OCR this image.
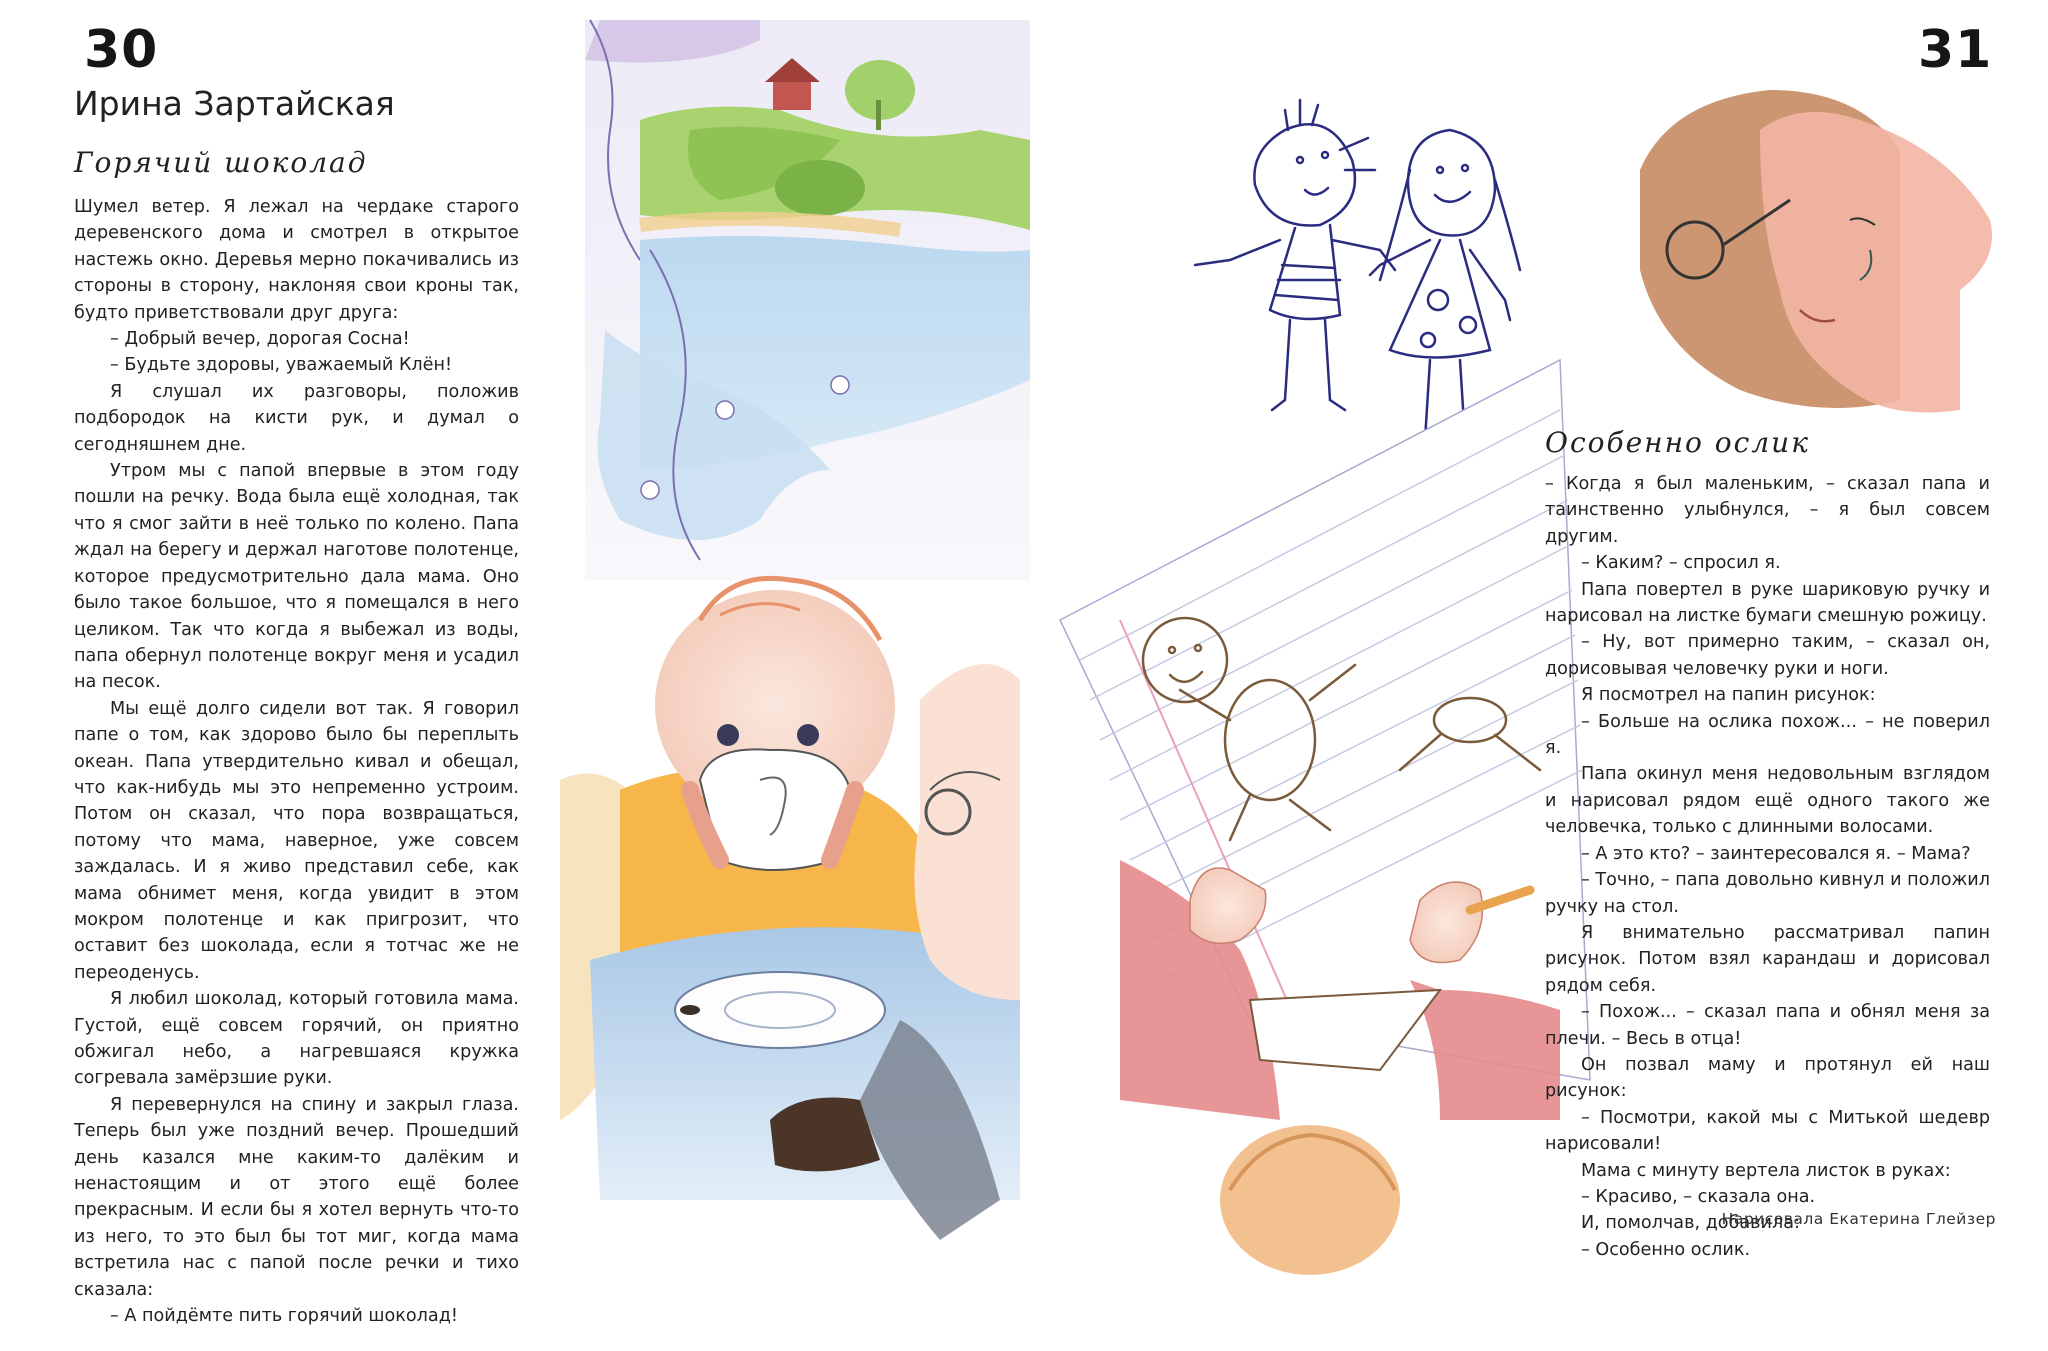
30
Ирина Зартайская
Горячий шоколад

Шумел ветер. Я лежал на чердаке старого деревенского дома и смотрел в открытое настежь окно. Деревья мерно покачивались из стороны в сторону, наклоняя свои кроны так, будто приветствовали друг друга:

– Добрый вечер, дорогая Сосна!

– Будьте здоровы, уважаемый Клён!

Я слушал их разговоры, положив подбородок на кисти рук, и думал о сегодняшнем дне.

Утром мы с папой впервые в этом году пошли на речку. Вода была ещё холодная, так что я смог зайти в неё только по колено. Папа ждал на берегу и держал наготове полотенце, которое предусмотрительно дала мама. Оно было такое большое, что я помещался в него целиком. Так что когда я выбежал из воды, папа обернул полотенце вокруг меня и усадил на песок.

Мы ещё долго сидели вот так. Я говорил папе о том, как здорово было бы переплыть океан. Папа утвердительно кивал и обещал, что как-нибудь мы это непременно устроим. Потом он сказал, что пора возвращаться, потому что мама, наверное, уже совсем заждалась. И я живо представил себе, как мама обнимет меня, когда увидит в этом мокром полотенце и как пригрозит, что оставит без шоколада, если я тотчас же не переоденусь.

Я любил шоколад, который готовила мама. Густой, ещё совсем горячий, он приятно обжигал небо, а нагревшаяся кружка согревала замёрзшие руки.

Я перевернулся на спину и закрыл глаза. Теперь был уже поздний вечер. Прошедший день казался мне каким-то далёким и ненастоящим и от этого ещё более прекрасным. И если бы я хотел вернуть что-то из него, то это был бы тот миг, когда мама встретила нас с папой после речки и тихо сказала:

– А пойдёмте пить горячий шоколад!

31
Особенно ослик

– Когда я был маленьким, – сказал папа и таинственно улыбнулся, – я был совсем другим.

– Каким? – спросил я.

Папа повертел в руке шариковую ручку и нарисовал на листке бумаги смешную рожицу.

– Ну, вот примерно таким, – сказал он, дорисовывая человечку руки и ноги.

Я посмотрел на папин рисунок:

– Больше на ослика похож... – не поверил я.

Папа окинул меня недовольным взглядом и нарисовал рядом ещё одного такого же человечка, только с длинными волосами.

– А это кто? – заинтересовался я. – Мама?

– Точно, – папа довольно кивнул и положил ручку на стол.

Я внимательно рассматривал папин рисунок. Потом взял карандаш и дорисовал рядом себя.

– Похож... – сказал папа и обнял меня за плечи. – Весь в отца!

Он позвал маму и протянул ей наш рисунок:

– Посмотри, какой мы с Митькой шедевр нарисовали!

Мама с минуту вертела листок в руках:

– Красиво, – сказала она.

И, помолчав, добавила:

– Особенно ослик.

Нарисовала Екатерина Глейзер
